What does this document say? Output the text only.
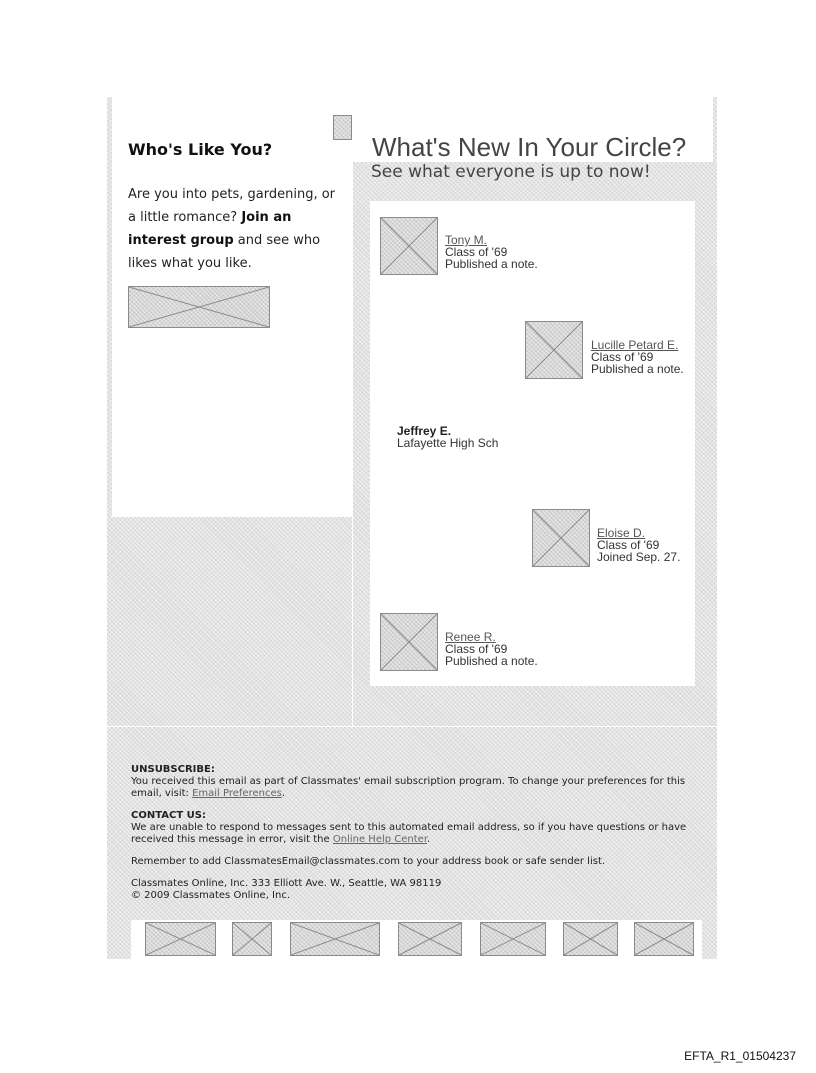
Who's Like You?

Are you into pets, gardening, or a little romance? Join an interest group and see who likes what you like.

What's New In Your Circle?
See what everyone is up to now!
Tony M.
Class of '69
Published a note.
Lucille Petard E.
Class of '69
Published a note.
Jeffrey E.
Lafayette High Sch
Eloise D.
Class of '69
Joined Sep. 27.
Renee R.
Class of '69
Published a note.

UNSUBSCRIBE:
You received this email as part of Classmates' email subscription program. To change your preferences for this email, visit: Email Preferences.

CONTACT US:
We are unable to respond to messages sent to this automated email address, so if you have questions or have received this message in error, visit the Online Help Center.

Remember to add ClassmatesEmail@classmates.com to your address book or safe sender list.

Classmates Online, Inc. 333 Elliott Ave. W., Seattle, WA 98119
© 2009 Classmates Online, Inc.

EFTA_R1_01504237
